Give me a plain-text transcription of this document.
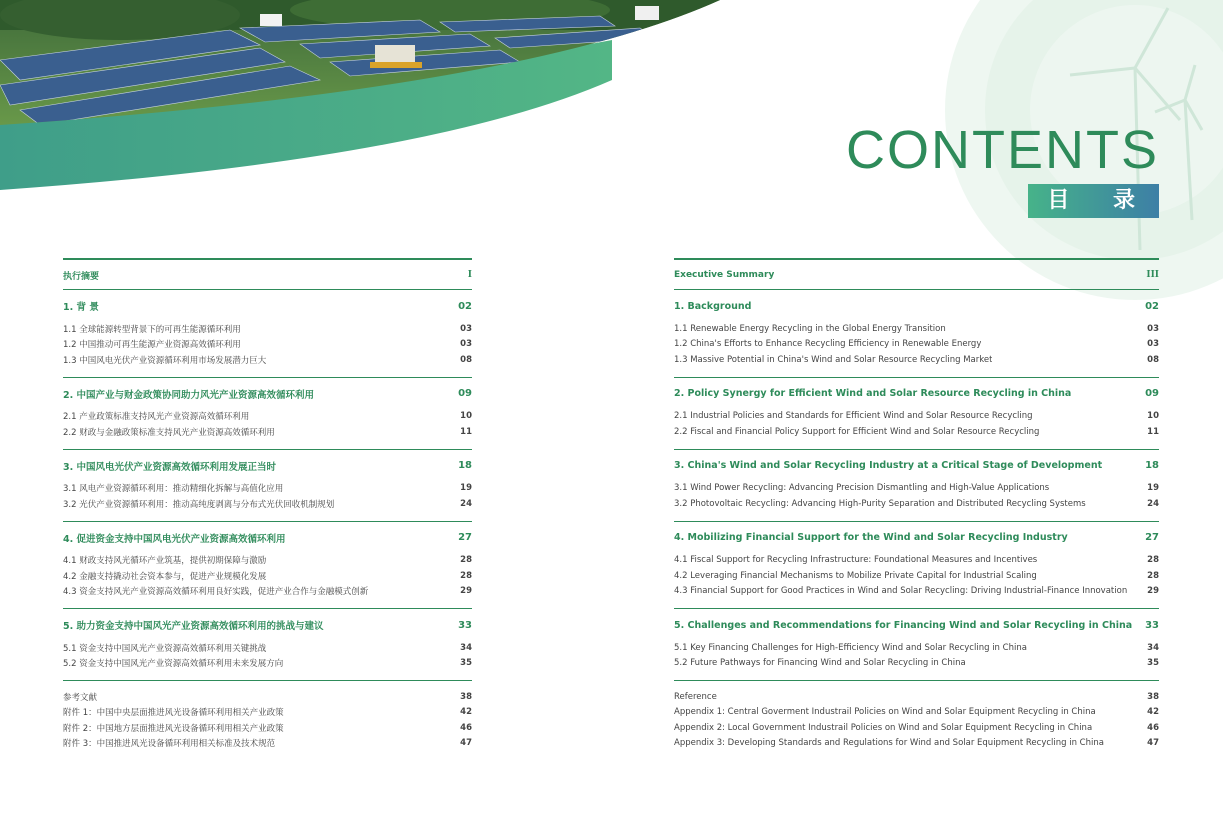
CONTENTS
目 录
执行摘要	I
1. 背 景	02
1.1 全球能源转型背景下的可再生能源循环利用	03
1.2 中国推动可再生能源产业资源高效循环利用	03
1.3 中国风电光伏产业资源循环利用市场发展潜力巨大	08
2. 中国产业与财金政策协同助力风光产业资源高效循环利用	09
2.1 产业政策标准支持风光产业资源高效循环利用	10
2.2 财政与金融政策标准支持风光产业资源高效循环利用	11
3. 中国风电光伏产业资源高效循环利用发展正当时	18
3.1 风电产业资源循环利用：推动精细化拆解与高值化应用	19
3.2 光伏产业资源循环利用：推动高纯度剥离与分布式光伏回收机制规划	24
4. 促进资金支持中国风电光伏产业资源高效循环利用	27
4.1 财政支持风光循环产业筑基，提供初期保障与激励	28
4.2 金融支持撬动社会资本参与，促进产业规模化发展	28
4.3 资金支持风光产业资源高效循环利用良好实践，促进产业合作与金融模式创新	29
5. 助力资金支持中国风光产业资源高效循环利用的挑战与建议	33
5.1 资金支持中国风光产业资源高效循环利用关键挑战	34
5.2 资金支持中国风光产业资源高效循环利用未来发展方向	35
参考文献	38
附件 1：中国中央层面推进风光设备循环利用相关产业政策	42
附件 2：中国地方层面推进风光设备循环利用相关产业政策	46
附件 3：中国推进风光设备循环利用相关标准及技术规范	47
Executive Summary	III
1. Background	02
1.1 Renewable Energy Recycling in the Global Energy Transition	03
1.2 China's Efforts to Enhance Recycling Efficiency in Renewable Energy	03
1.3 Massive Potential in China's Wind and Solar Resource Recycling Market	08
2. Policy Synergy for Efficient Wind and Solar Resource Recycling in China	09
2.1 Industrial Policies and Standards for Efficient Wind and Solar Resource Recycling	10
2.2 Fiscal and Financial Policy Support for Efficient Wind and Solar Resource Recycling	11
3. China's Wind and Solar Recycling Industry at a Critical Stage of Development	18
3.1 Wind Power Recycling: Advancing Precision Dismantling and High-Value Applications	19
3.2 Photovoltaic Recycling: Advancing High-Purity Separation and Distributed Recycling Systems	24
4. Mobilizing Financial Support for the Wind and Solar Recycling Industry	27
4.1 Fiscal Support for Recycling Infrastructure: Foundational Measures and Incentives	28
4.2 Leveraging Financial Mechanisms to Mobilize Private Capital for Industrial Scaling	28
4.3 Financial Support for Good Practices in Wind and Solar Recycling: Driving Industrial-Finance Innovation 29
5. Challenges and Recommendations for Financing Wind and Solar Recycling in China 33
5.1 Key Financing Challenges for High-Efficiency Wind and Solar Recycling in China	34
5.2 Future Pathways for Financing Wind and Solar Recycling in China	35
Reference	38
Appendix 1: Central Goverment Industrail Policies on Wind and Solar Equipment Recycling in China	42
Appendix 2: Local Government Industrail Policies on Wind and Solar Equipment Recycling in China	46
Appendix 3: Developing Standards and Regulations for Wind and Solar Equipment Recycling in China	47
